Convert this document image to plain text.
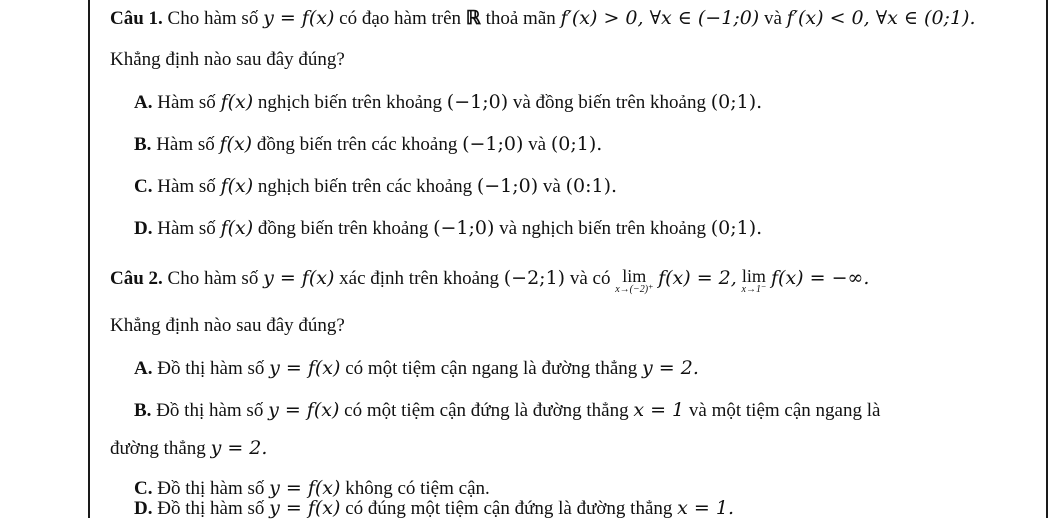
Câu 1. Cho hàm số y = f(x) có đạo hàm trên ℝ thoả mãn f′(x) > 0, ∀x ∈ (−1;0) và f′(x) < 0, ∀x ∈ (0;1).
Khẳng định nào sau đây đúng?
A. Hàm số f(x) nghịch biến trên khoảng (−1;0) và đồng biến trên khoảng (0;1).
B. Hàm số f(x) đồng biến trên các khoảng (−1;0) và (0;1).
C. Hàm số f(x) nghịch biến trên các khoảng (−1;0) và (0:1).
D. Hàm số f(x) đồng biến trên khoảng (−1;0) và nghịch biến trên khoảng (0;1).
Câu 2. Cho hàm số y = f(x) xác định trên khoảng (−2;1) và có lim
x→(−2)⁺
f(x) = 2, lim
x→1⁻
f(x) = −∞.
Khẳng định nào sau đây đúng?
A. Đồ thị hàm số y = f(x) có một tiệm cận ngang là đường thẳng y = 2.
B. Đồ thị hàm số y = f(x) có một tiệm cận đứng là đường thẳng x = 1 và một tiệm cận ngang là
đường thẳng y = 2.
C. Đồ thị hàm số y = f(x) không có tiệm cận.
D. Đồ thị hàm số y = f(x) có đúng một tiệm cận đứng là đường thẳng x = 1.
